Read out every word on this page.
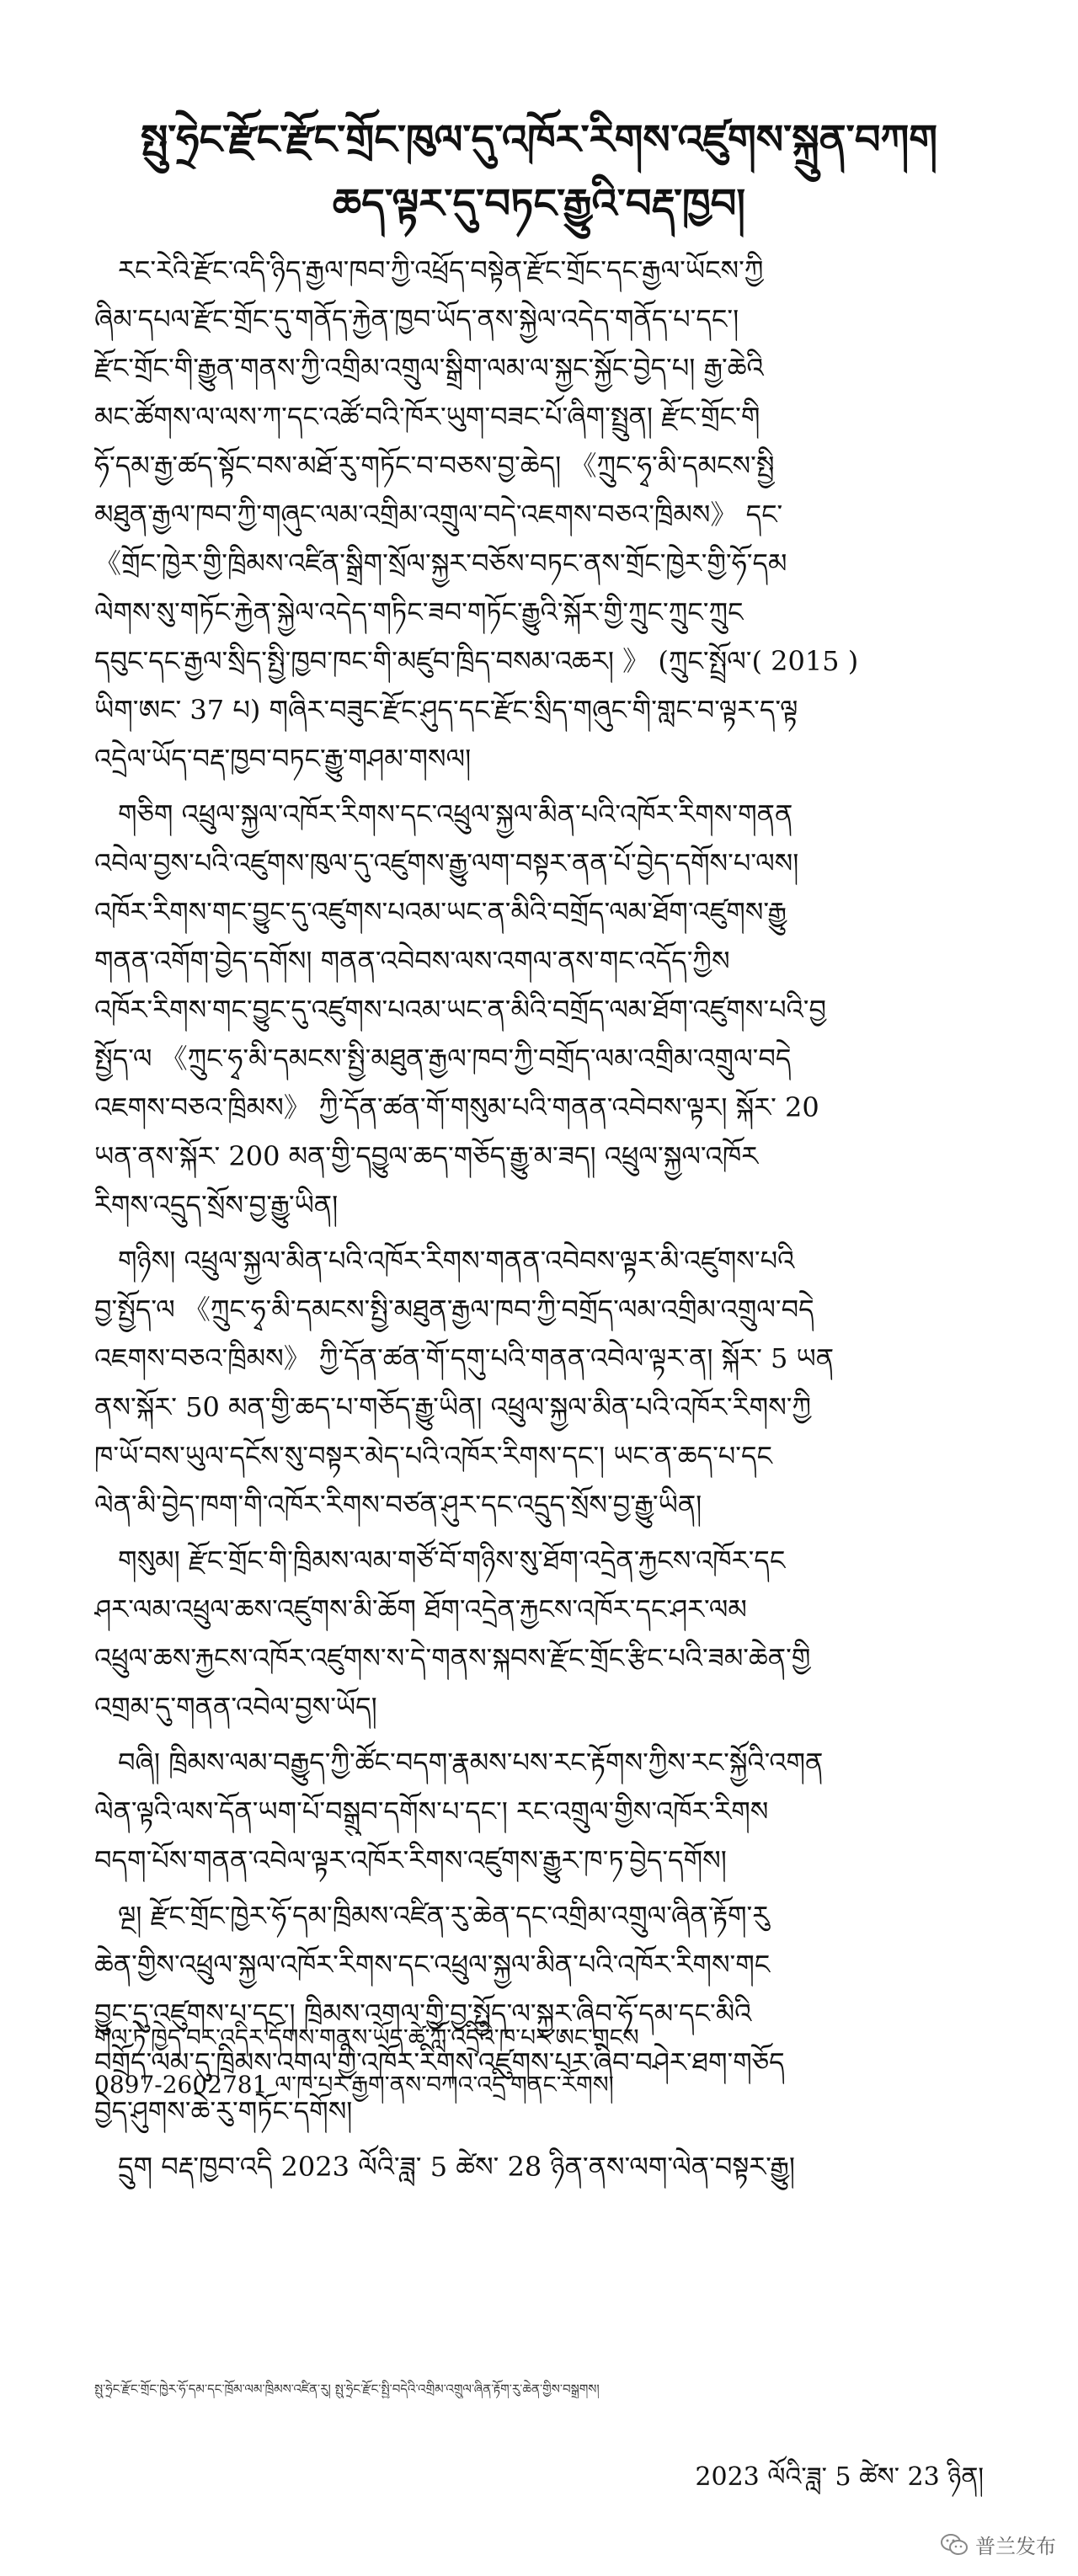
སྤུ་ཧྲེང་རྫོང་རྫོང་གྲོང་ཁུལ་དུ་འཁོར་རིགས་འཛུགས་སྐྲུན་བཀག
ཆད་ལྟར་དུ་བཏང་རྒྱུའི་བརྡ་ཁྱབ།
རང་རེའི་རྫོང་འདི་ཉིད་རྒྱལ་ཁབ་ཀྱི་འཕྲོད་བསྟེན་རྫོང་གྲོང་དང་རྒྱལ་ཡོངས་ཀྱི
ཞིམ་དཔལ་རྫོང་གྲོང་དུ་གནོད་རྐྱེན་ཁྱབ་ཡོད་ནས་སྐྱེལ་འདེད་གནོད་པ་དང་།
རྫོང་གྲོང་གི་རྒྱུན་གནས་ཀྱི་འགྲིམ་འགྲུལ་སྒྲིག་ལམ་ལ་སྐྱང་སྐྱོང་བྱེད་པ། རྒྱ་ཆེའི
མང་ཚོགས་ལ་ལས་ཀ་དང་འཚོ་བའི་ཁོར་ཡུག་བཟང་པོ་ཞིག་སྤྲུན། རྫོང་གྲོང་གི
ཧོ་དམ་རྒྱ་ཚད་སྟོང་བས་མཐོ་རུ་གཏོང་བ་བཅས་བྱ་ཆེད། 《ཀྲུང་ཧྭ་མི་དམངས་སྤྱི
མཐུན་རྒྱལ་ཁབ་ཀྱི་གཞུང་ལམ་འགྲིམ་འགྲུལ་བདེ་འཇགས་བཅའ་ཁྲིམས》 དང་
《གྲོང་ཁྱེར་གྱི་ཁྲིམས་འཛིན་སྒྲིག་སྲོལ་སྐྱར་བཅོས་བཏང་ནས་གྲོང་ཁྱེར་གྱི་ཧོ་དམ
ལེགས་སུ་གཏོང་རྐྱེན་སྐྱེལ་འདེད་གཏིང་ཟབ་གཏོང་རྒྱུའི་སྐོར་གྱི་ཀྲུང་ཀྲུང་ཀྲུང
དབུང་དང་རྒྱལ་སྲིད་སྤྱི་ཁྱབ་ཁང་གི་མཛུབ་ཁྲིད་བསམ་འཆར། 》 (ཀྲུང་སྤྲོལ་( 2015 )
ཡིག་ཨང་ 37 པ) གཞིར་བཟུང་རྫོང་ཤུད་དང་རྫོང་སྲིད་གཞུང་གི་གླང་བ་ལྟར་ད་ལྟ
འདྲེལ་ཡོད་བརྡ་ཁྱབ་བཏང་རྒྱུ་གཤམ་གསལ།
གཅིག འཕྲུལ་སྐྱལ་འཁོར་རིགས་དང་འཕྲུལ་སྐྱལ་མིན་པའི་འཁོར་རིགས་གནན
འབེལ་བྱས་པའི་འཛུགས་ཁུལ་དུ་འཛུགས་རྒྱུ་ལག་བསྟར་ནན་པོ་བྱེད་དགོས་པ་ལས།
འཁོར་རིགས་གང་བྱུང་དུ་འཛུགས་པའམ་ཡང་ན་མིའི་བགྲོད་ལམ་ཐོག་འཛུགས་རྒྱུ
གནན་འགོག་བྱེད་དགོས། གནན་འབེབས་ལས་འགལ་ནས་གང་འདོད་ཀྱིས
འཁོར་རིགས་གང་བྱུང་དུ་འཛུགས་པའམ་ཡང་ན་མིའི་བགྲོད་ལམ་ཐོག་འཛུགས་པའི་བྱ
སྤྱོད་ལ 《ཀྲུང་ཧྭ་མི་དམངས་སྤྱི་མཐུན་རྒྱལ་ཁབ་ཀྱི་བགྲོད་ལམ་འགྲིམ་འགྲུལ་བདེ
འཇགས་བཅའ་ཁྲིམས》 ཀྱི་དོན་ཚན་གོ་གསུམ་པའི་གནན་འབེབས་ལྟར། སྐོར་ 20
ཡན་ནས་སྐོར་ 200 མན་གྱི་དབྱུལ་ཆད་གཅོད་རྒྱུ་མ་ཟད། འཕྲུལ་སྐྱལ་འཁོར
རིགས་འདྲུད་སྲོས་བྱ་རྒྱུ་ཡིན།
གཉིས། འཕྲུལ་སྐྱལ་མིན་པའི་འཁོར་རིགས་གནན་འབེབས་ལྟར་མི་འཛུགས་པའི
བྱ་སྤྱོད་ལ 《ཀྲུང་ཧྭ་མི་དམངས་སྤྱི་མཐུན་རྒྱལ་ཁབ་ཀྱི་བགྲོད་ལམ་འགྲིམ་འགྲུལ་བདེ
འཇགས་བཅའ་ཁྲིམས》 ཀྱི་དོན་ཚན་གོ་དགུ་པའི་གནན་འབེལ་ལྟར་ན། སྐོར་ 5 ཡན
ནས་སྐོར་ 50 མན་གྱི་ཆད་པ་གཅོད་རྒྱུ་ཡིན། འཕྲུལ་སྐྱལ་མིན་པའི་འཁོར་རིགས་ཀྱི
ཁ་ཡོ་བས་ཡུལ་དངོས་སུ་བསྟར་མེད་པའི་འཁོར་རིགས་དང་། ཡང་ན་ཆད་པ་དང
ལེན་མི་བྱེད་ཁག་གི་འཁོར་རིགས་བཙན་ཤུར་དང་འདྲུད་སྲོས་བྱ་རྒྱུ་ཡིན།
གསུམ། རྫོང་གྲོང་གི་ཁྲིམས་ལམ་གཙོ་བོ་གཉིས་སུ་ཐོག་འདྲེན་རྐྱངས་འཁོར་དང
ཤར་ལམ་འཕྲུལ་ཆས་འཛུགས་མི་ཆོག ཐོག་འདྲེན་རྐྱངས་འཁོར་དང་ཤར་ལམ
འཕྲུལ་ཆས་རྐྱངས་འཁོར་འཛུགས་ས་དེ་གནས་སྐབས་རྫོང་གྲོང་རྩིང་པའི་ཟམ་ཆེན་གྱི
འགྲམ་དུ་གནན་འབེལ་བྱས་ཡོད།
བཞི། ཁྲིམས་ལམ་བརྒྱུད་ཀྱི་ཚོང་བདག་རྣམས་པས་རང་རྟོགས་ཀྱིས་རང་སྐྱོའི་འགན
ལེན་ལྟའི་ལས་དོན་ཡག་པོ་བསྒྲུབ་དགོས་པ་དང་། རང་འགྲུལ་གྱིས་འཁོར་རིགས
བདག་པོས་གནན་འབེལ་ལྟར་འཁོར་རིགས་འཛུགས་རྒྱུར་ཁ་ཏ་བྱེད་དགོས།
ལྔ། རྫོང་གྲོང་ཁྱེར་ཧོ་དམ་ཁྲིམས་འཛིན་རུ་ཆེན་དང་འགྲིམ་འགྲུལ་ཞིན་རྟོག་རུ
ཆེན་གྱིས་འཕྲུལ་སྐྱལ་འཁོར་རིགས་དང་འཕྲུལ་སྐྱལ་མིན་པའི་འཁོར་རིགས་གང
བྱུང་དུ་འཛུགས་པ་དང་། ཁྲིམས་འགལ་གྱི་བྱ་སྤྱོད་ལ་སྐྱར་ཞིབ་ཧོ་དམ་དང་མིའི
བགྲོད་ལམ་དུ་ཁྲིམས་འགལ་གྱི་འཁོར་རིགས་འཛུགས་པར་ཞིབ་བཤེར་ཐག་གཅོད
བྱེད་ཤུགས་ཆེ་རུ་གཏོང་དགོས།
དྲུག བརྡ་ཁྱབ་འདི 2023 ལོའི་ཟླ་ 5 ཚེས་ 28 ཉིན་ནས་ལག་ལེན་བསྟར་རྒྱུ།
གལ་ཏེ་ཁྱེད་བར་འདིར་དོགས་གནས་ཡོད་ཚེ་ཀློ་འདྲིའི་ཁ་པར་ཨང་གྲངས
0897-2602781 ལ་ཁ་པར་རྒྱག་ནས་བཀའ་འདྲི་གནང་རོགས།
སྤུ་ཧྲེང་རྫོང་གྲོང་ཁྱེར་ཧོ་དམ་དང་ཁྲོམ་ལམ་ཁྲིམས་འཛིན་རུ། སྤུ་ཧྲེང་རྫོང་སྤྱི་བདེའི་འགྲིམ་འགྲུལ་ཞིན་རྟོག་རུ་ཆེན་གྱིས་བསྒྲགས།
2023 ལོའི་ཟླ་ 5 ཚེས་ 23 ཉིན།
普兰发布
